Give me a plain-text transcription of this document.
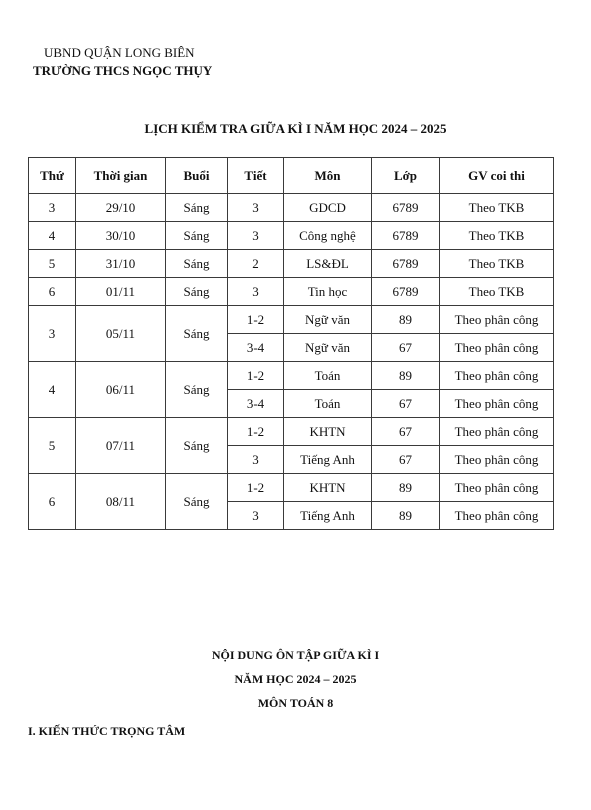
UBND QUẬN LONG BIÊN
TRƯỜNG THCS NGỌC THỤY
LỊCH KIỂM TRA GIỮA KÌ I NĂM HỌC 2024 – 2025
Thứ	Thời gian	Buổi	Tiết	Môn	Lớp	GV coi thi
3	29/10	Sáng	3	GDCD	6789	Theo TKB
4	30/10	Sáng	3	Công nghệ	6789	Theo TKB
5	31/10	Sáng	2	LS&ĐL	6789	Theo TKB
6	01/11	Sáng	3	Tin học	6789	Theo TKB
3	05/11	Sáng	1-2	Ngữ văn	89	Theo phân công
			3-4	Ngữ văn	67	Theo phân công
4	06/11	Sáng	1-2	Toán	89	Theo phân công
			3-4	Toán	67	Theo phân công
5	07/11	Sáng	1-2	KHTN	67	Theo phân công
			3	Tiếng Anh	67	Theo phân công
6	08/11	Sáng	1-2	KHTN	89	Theo phân công
			3	Tiếng Anh	89	Theo phân công
NỘI DUNG ÔN TẬP GIỮA KÌ I
NĂM HỌC 2024 – 2025
MÔN TOÁN 8
I. KIẾN THỨC TRỌNG TÂM
